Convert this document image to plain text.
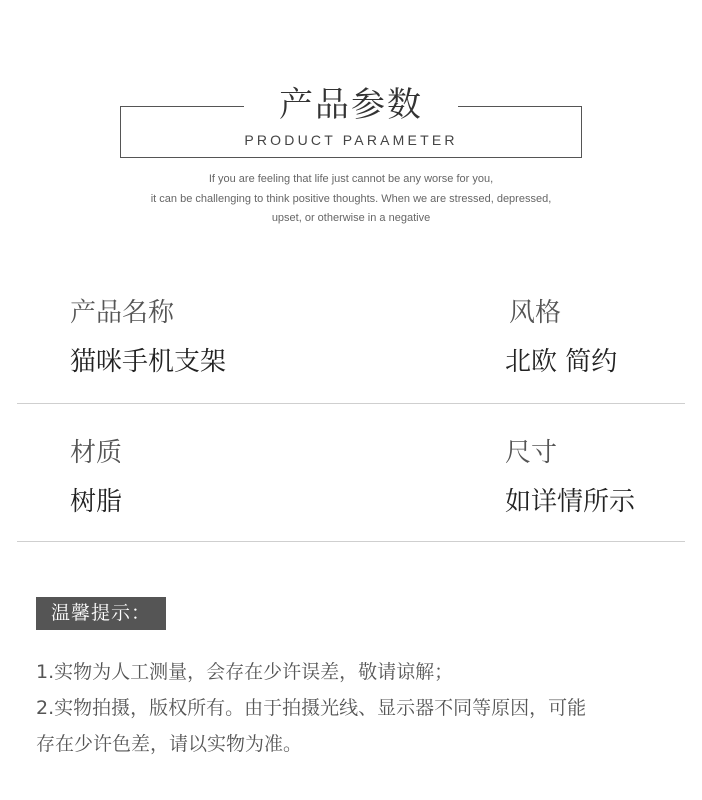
产品参数
PRODUCT PARAMETER
If you are feeling that life just cannot be any worse for you,
it can be challenging to think positive thoughts. When we are stressed, depressed,
upset, or otherwise in a negative
产品名称
猫咪手机支架
风格
北欧 简约
材质
树脂
尺寸
如详情所示
温馨提示：
1.实物为人工测量，会存在少许误差，敬请谅解；
2.实物拍摄，版权所有。由于拍摄光线、显示器不同等原因，可能
存在少许色差，请以实物为准。
